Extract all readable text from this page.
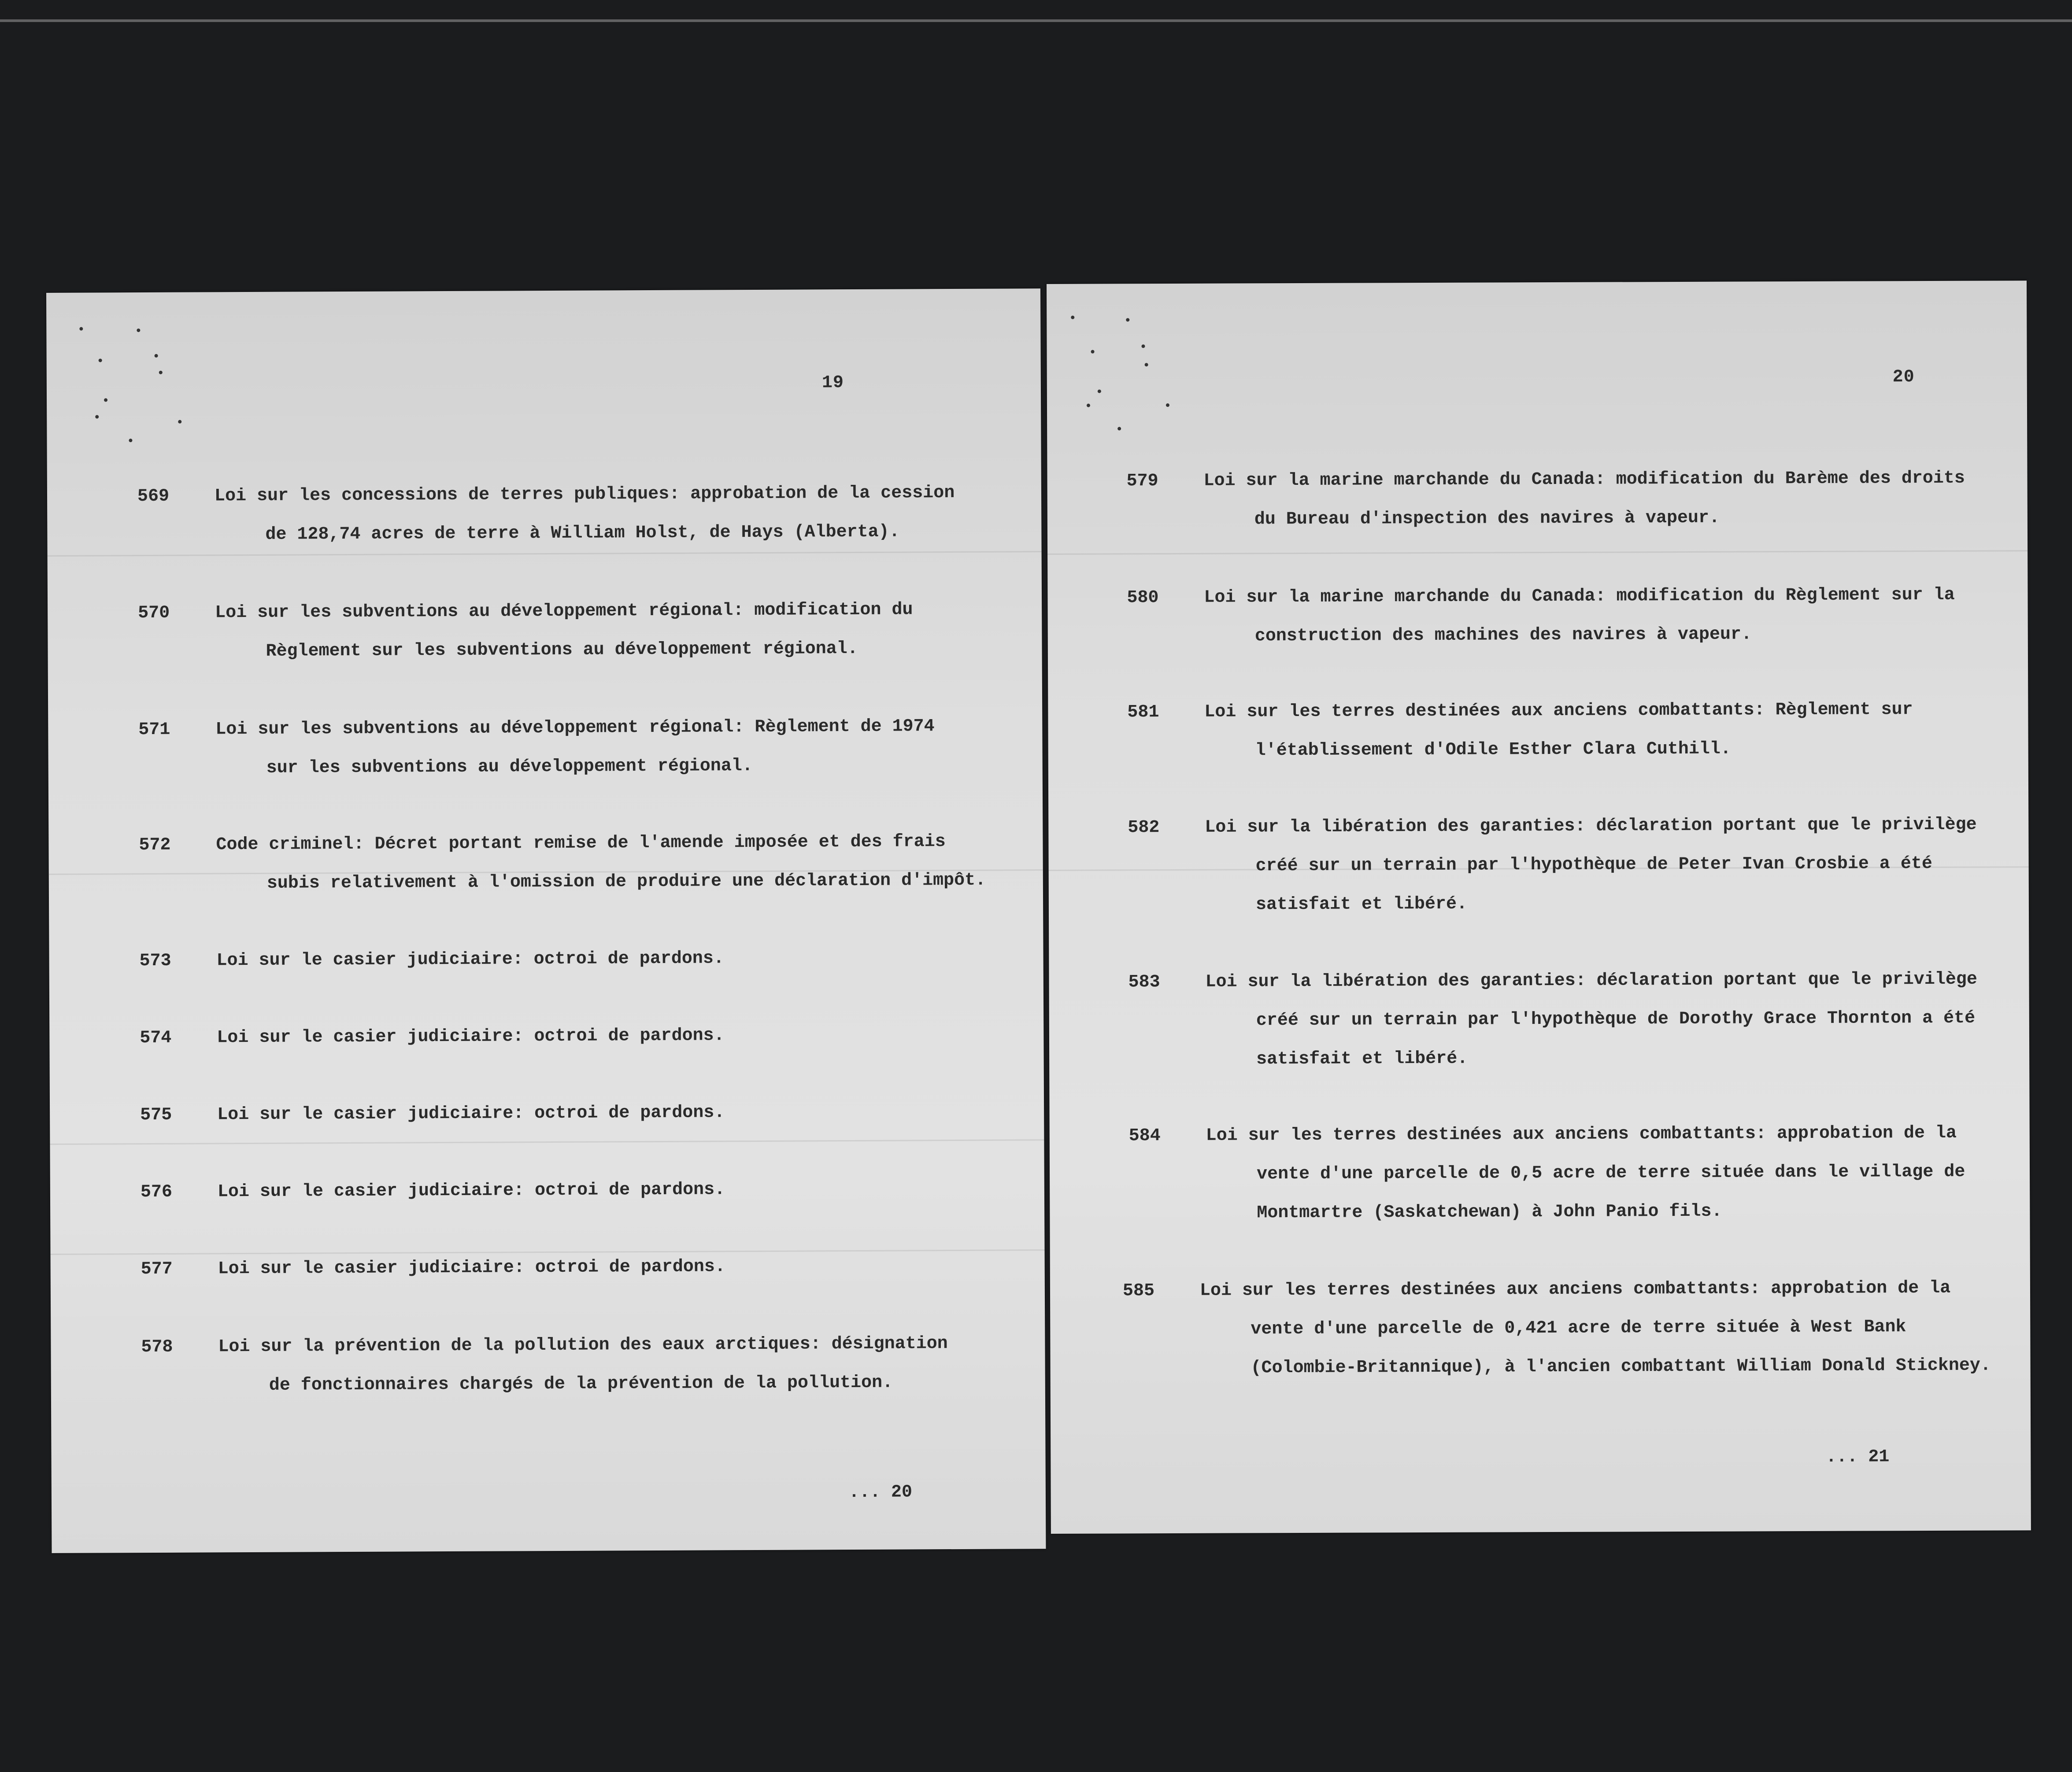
19
569	Loi sur les concessions de terres publiques: approbation de la cession
de 128,74 acres de terre à William Holst, de Hays (Alberta).
570	Loi sur les subventions au développement régional: modification du
Règlement sur les subventions au développement régional.
571	Loi sur les subventions au développement régional: Règlement de 1974
sur les subventions au développement régional.
572	Code criminel: Décret portant remise de l'amende imposée et des frais
subis relativement à l'omission de produire une déclaration d'impôt.
573	Loi sur le casier judiciaire: octroi de pardons.
574	Loi sur le casier judiciaire: octroi de pardons.
575	Loi sur le casier judiciaire: octroi de pardons.
576	Loi sur le casier judiciaire: octroi de pardons.
577	Loi sur le casier judiciaire: octroi de pardons.
578	Loi sur la prévention de la pollution des eaux arctiques: désignation
de fonctionnaires chargés de la prévention de la pollution.
... 20
20
579	Loi sur la marine marchande du Canada: modification du Barème des droits
du Bureau d'inspection des navires à vapeur.
580	Loi sur la marine marchande du Canada: modification du Règlement sur la
construction des machines des navires à vapeur.
581	Loi sur les terres destinées aux anciens combattants: Règlement sur
l'établissement d'Odile Esther Clara Cuthill.
582	Loi sur la libération des garanties: déclaration portant que le privilège
créé sur un terrain par l'hypothèque de Peter Ivan Crosbie a été
satisfait et libéré.
583	Loi sur la libération des garanties: déclaration portant que le privilège
créé sur un terrain par l'hypothèque de Dorothy Grace Thornton a été
satisfait et libéré.
584	Loi sur les terres destinées aux anciens combattants: approbation de la
vente d'une parcelle de 0,5 acre de terre située dans le village de
Montmartre (Saskatchewan) à John Panio fils.
585	Loi sur les terres destinées aux anciens combattants: approbation de la
vente d'une parcelle de 0,421 acre de terre située à West Bank
(Colombie-Britannique), à l'ancien combattant William Donald Stickney.
... 21
